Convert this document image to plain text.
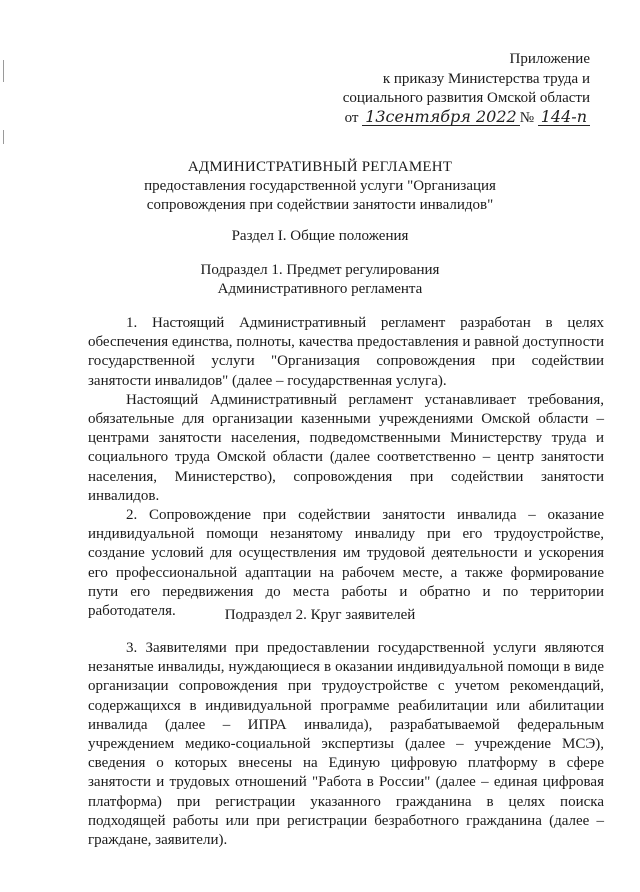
Приложение
к приказу Министерства труда и
социального развития Омской области
от 13сентября 2022 № 144-п
АДМИНИСТРАТИВНЫЙ РЕГЛАМЕНТ
предоставления государственной услуги "Организация
сопровождения при содействии занятости инвалидов"
Раздел I. Общие положения
Подраздел 1. Предмет регулирования
Административного регламента

1. Настоящий Административный регламент разработан в целях обеспечения единства, полноты, качества предоставления и равной доступности государственной услуги "Организация сопровождения при содействии занятости инвалидов" (далее – государственная услуга).

Настоящий Административный регламент устанавливает требования, обязательные для организации казенными учреждениями Омской области – центрами занятости населения, подведомственными Министерству труда и социального труда Омской области (далее соответственно – центр занятости населения, Министерство), сопровождения при содействии занятости инвалидов.

2. Сопровождение при содействии занятости инвалида – оказание индивидуальной помощи незанятому инвалиду при его трудоустройстве, создание условий для осуществления им трудовой деятельности и ускорения его профессиональной адаптации на рабочем месте, а также формирование пути его передвижения до места работы и обратно и по территории работодателя.	Подраздел 2. Круг заявителей

3. Заявителями при предоставлении государственной услуги являются незанятые инвалиды, нуждающиеся в оказании индивидуальной помощи в виде организации сопровождения при трудоустройстве с учетом рекомендаций, содержащихся в индивидуальной программе реабилитации или абилитации инвалида (далее – ИПРА инвалида), разрабатываемой федеральным учреждением медико-социальной экспертизы (далее – учреждение МСЭ), сведения о которых внесены на Единую цифровую платформу в сфере занятости и трудовых отношений "Работа в России" (далее – единая цифровая платформа) при регистрации указанного гражданина в целях поиска подходящей работы или при регистрации безработного гражданина (далее – граждане, заявители).
